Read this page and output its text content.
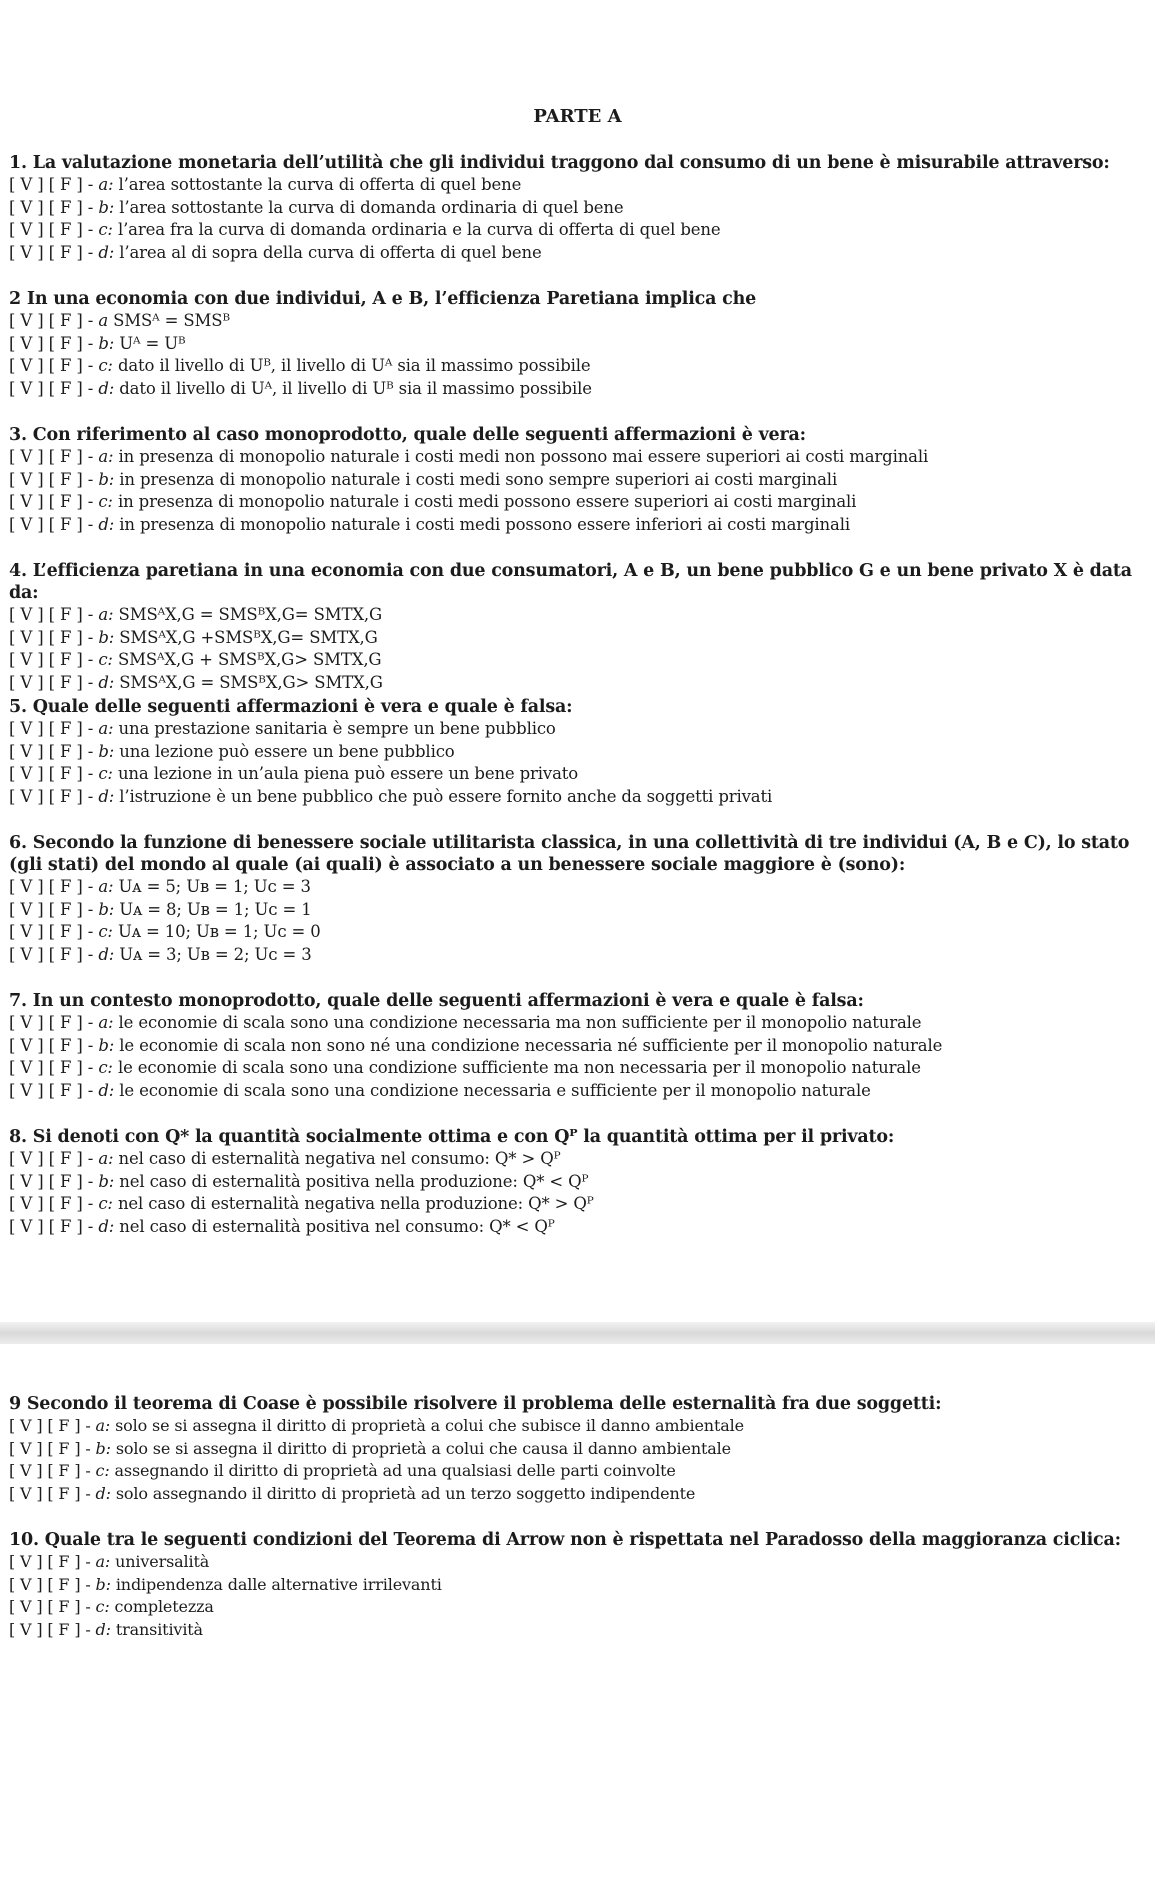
PARTE A
1. La valutazione monetaria dell’utilità che gli individui traggono dal consumo di un bene è misurabile attraverso:
[ V ] [ F ] - a: l’area sottostante la curva di offerta di quel bene
[ V ] [ F ] - b: l’area sottostante la curva di domanda ordinaria di quel bene
[ V ] [ F ] - c: l’area fra la curva di domanda ordinaria e la curva di offerta di quel bene
[ V ] [ F ] - d: l’area al di sopra della curva di offerta di quel bene
2 In una economia con due individui, A e B, l’efficienza Paretiana implica che
[ V ] [ F ] - a SMSᴬ = SMSᴮ
[ V ] [ F ] - b: Uᴬ = Uᴮ
[ V ] [ F ] - c: dato il livello di Uᴮ, il livello di Uᴬ sia il massimo possibile
[ V ] [ F ] - d: dato il livello di Uᴬ, il livello di Uᴮ sia il massimo possibile
3. Con riferimento al caso monoprodotto, quale delle seguenti affermazioni è vera:
[ V ] [ F ] - a: in presenza di monopolio naturale i costi medi non possono mai essere superiori ai costi marginali
[ V ] [ F ] - b: in presenza di monopolio naturale i costi medi sono sempre superiori ai costi marginali
[ V ] [ F ] - c: in presenza di monopolio naturale i costi medi possono essere superiori ai costi marginali
[ V ] [ F ] - d: in presenza di monopolio naturale i costi medi possono essere inferiori ai costi marginali
4. L’efficienza paretiana in una economia con due consumatori, A e B, un bene pubblico G e un bene privato X è data da:
[ V ] [ F ] - a: SMSᴬX,G = SMSᴮX,G= SMTX,G
[ V ] [ F ] - b: SMSᴬX,G +SMSᴮX,G= SMTX,G
[ V ] [ F ] - c: SMSᴬX,G + SMSᴮX,G> SMTX,G
[ V ] [ F ] - d: SMSᴬX,G = SMSᴮX,G> SMTX,G
5. Quale delle seguenti affermazioni è vera e quale è falsa:
[ V ] [ F ] - a: una prestazione sanitaria è sempre un bene pubblico
[ V ] [ F ] - b: una lezione può essere un bene pubblico
[ V ] [ F ] - c: una lezione in un’aula piena può essere un bene privato
[ V ] [ F ] - d: l’istruzione è un bene pubblico che può essere fornito anche da soggetti privati
6. Secondo la funzione di benessere sociale utilitarista classica, in una collettività di tre individui (A, B e C), lo stato (gli stati) del mondo al quale (ai quali) è associato a un benessere sociale maggiore è (sono):
[ V ] [ F ] - a: Uᴀ = 5; Uʙ = 1; Uᴄ = 3
[ V ] [ F ] - b: Uᴀ = 8; Uʙ = 1; Uᴄ = 1
[ V ] [ F ] - c: Uᴀ = 10; Uʙ = 1; Uᴄ = 0
[ V ] [ F ] - d: Uᴀ = 3; Uʙ = 2; Uᴄ = 3
7. In un contesto monoprodotto, quale delle seguenti affermazioni è vera e quale è falsa:
[ V ] [ F ] - a: le economie di scala sono una condizione necessaria ma non sufficiente per il monopolio naturale
[ V ] [ F ] - b: le economie di scala non sono né una condizione necessaria né sufficiente per il monopolio naturale
[ V ] [ F ] - c: le economie di scala sono una condizione sufficiente ma non necessaria per il monopolio naturale
[ V ] [ F ] - d: le economie di scala sono una condizione necessaria e sufficiente per il monopolio naturale
8. Si denoti con Q* la quantità socialmente ottima e con Qᴾ la quantità ottima per il privato:
[ V ] [ F ] - a: nel caso di esternalità negativa nel consumo: Q* > Qᴾ
[ V ] [ F ] - b: nel caso di esternalità positiva nella produzione: Q* < Qᴾ
[ V ] [ F ] - c: nel caso di esternalità negativa nella produzione: Q* > Qᴾ
[ V ] [ F ] - d: nel caso di esternalità positiva nel consumo: Q* < Qᴾ
9 Secondo il teorema di Coase è possibile risolvere il problema delle esternalità fra due soggetti:
[ V ] [ F ] - a: solo se si assegna il diritto di proprietà a colui che subisce il danno ambientale
[ V ] [ F ] - b: solo se si assegna il diritto di proprietà a colui che causa il danno ambientale
[ V ] [ F ] - c: assegnando il diritto di proprietà ad una qualsiasi delle parti coinvolte
[ V ] [ F ] - d: solo assegnando il diritto di proprietà ad un terzo soggetto indipendente
10. Quale tra le seguenti condizioni del Teorema di Arrow non è rispettata nel Paradosso della maggioranza ciclica:
[ V ] [ F ] - a: universalità
[ V ] [ F ] - b: indipendenza dalle alternative irrilevanti
[ V ] [ F ] - c: completezza
[ V ] [ F ] - d: transitività
